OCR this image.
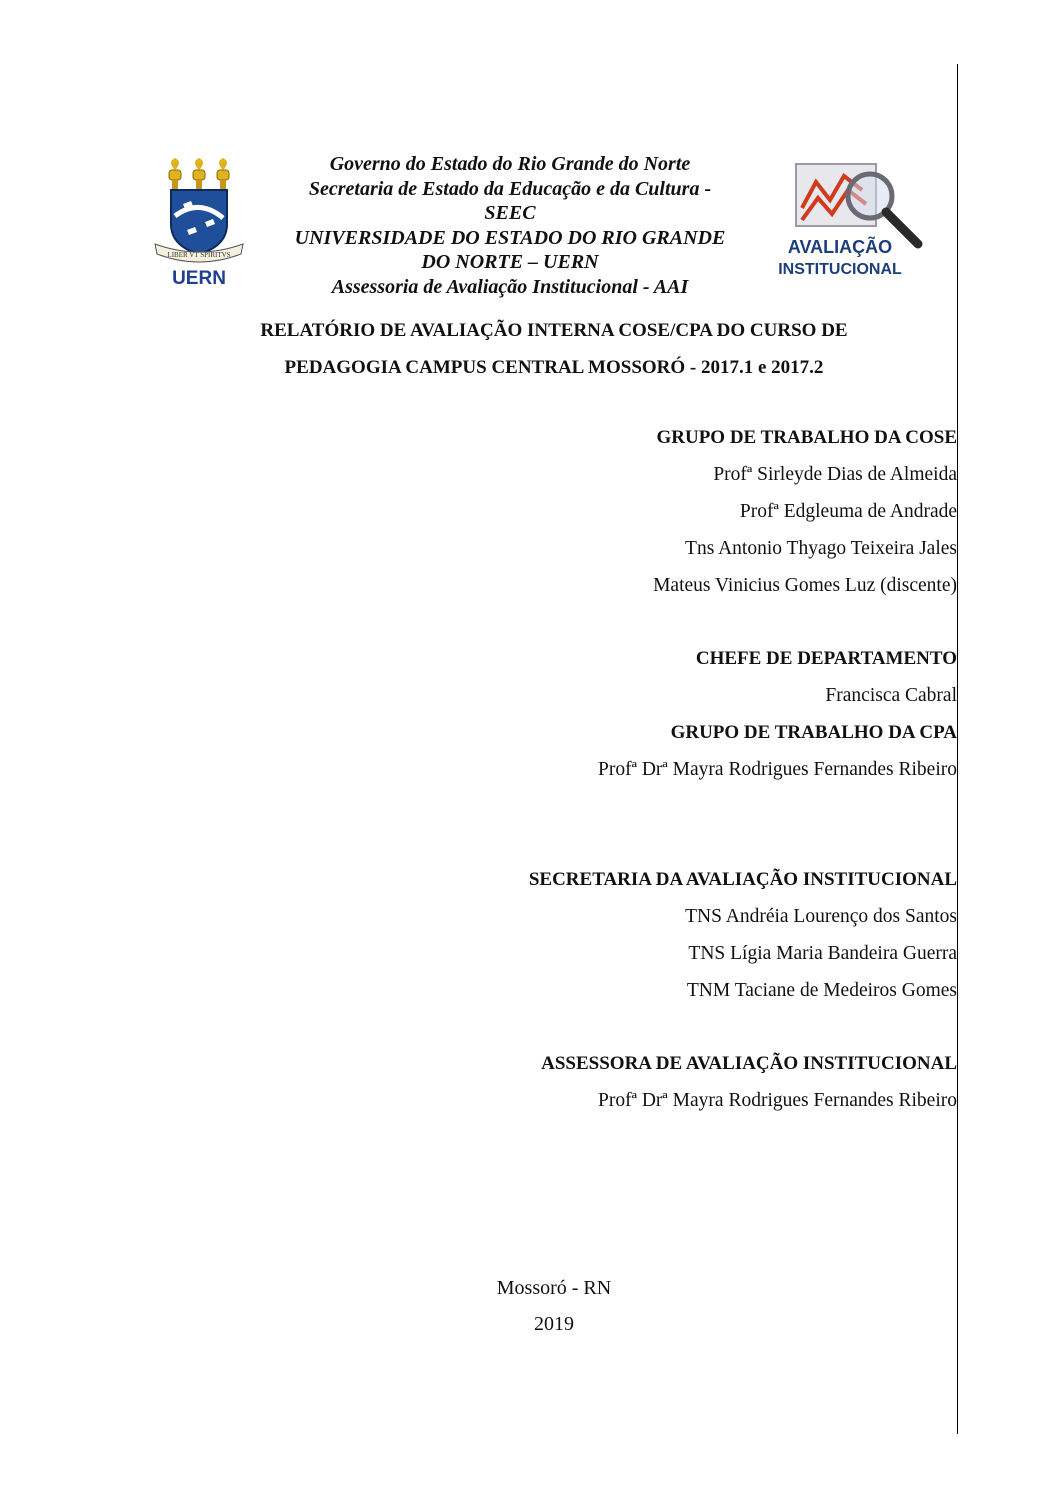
LIBER VT SPIRITVS
UERN
Governo do Estado do Rio Grande do Norte
Secretaria de Estado da Educação e da Cultura -
SEEC
UNIVERSIDADE DO ESTADO DO RIO GRANDE
DO NORTE – UERN
Assessoria de Avaliação Institucional - AAI
AVALIAÇÃO
INSTITUCIONAL
RELATÓRIO DE AVALIAÇÃO INTERNA COSE/CPA DO CURSO DE
PEDAGOGIA CAMPUS CENTRAL MOSSORÓ - 2017.1 e 2017.2
GRUPO DE TRABALHO DA COSE
Profª Sirleyde Dias de Almeida
Profª Edgleuma de Andrade
Tns Antonio Thyago Teixeira Jales
Mateus Vinicius Gomes Luz (discente)
CHEFE DE DEPARTAMENTO
Francisca Cabral
GRUPO DE TRABALHO DA CPA
Profª Drª Mayra Rodrigues Fernandes Ribeiro
SECRETARIA DA AVALIAÇÃO INSTITUCIONAL
TNS Andréia Lourenço dos Santos
TNS Lígia Maria Bandeira Guerra
TNM Taciane de Medeiros Gomes
ASSESSORA DE AVALIAÇÃO INSTITUCIONAL
Profª Drª Mayra Rodrigues Fernandes Ribeiro
Mossoró - RN
2019
